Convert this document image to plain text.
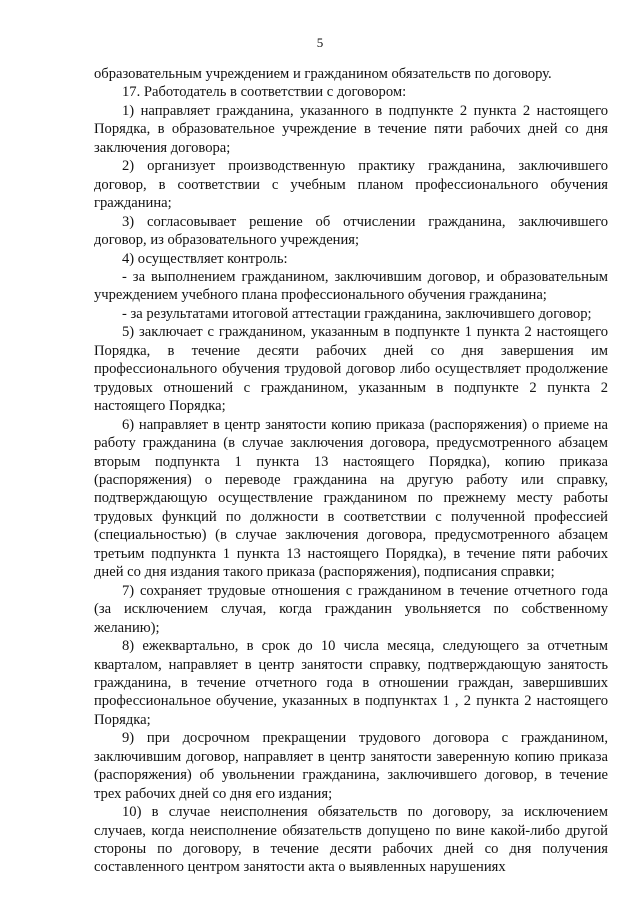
5

образовательным учреждением и гражданином обязательств по договору.

17. Работодатель в соответствии с договором:

1) направляет гражданина, указанного в подпункте 2 пункта 2 настоящего Порядка, в образовательное учреждение в течение пяти рабочих дней со дня заключения договора;

2) организует производственную практику гражданина, заключившего договор, в соответствии с учебным планом профессионального обучения гражданина;

3) согласовывает решение об отчислении гражданина, заключившего договор, из образовательного учреждения;

4) осуществляет контроль:

- за выполнением гражданином, заключившим договор, и образовательным учреждением учебного плана профессионального обучения гражданина;

- за результатами итоговой аттестации гражданина, заключившего договор;

5) заключает с гражданином, указанным в подпункте 1 пункта 2 настоящего Порядка, в течение десяти рабочих дней со дня завершения им профессионального обучения трудовой договор либо осуществляет продолжение трудовых отношений с гражданином, указанным в подпункте 2 пункта 2 настоящего Порядка;

6) направляет в центр занятости копию приказа (распоряжения) о приеме на работу гражданина (в случае заключения договора, предусмотренного абзацем вторым подпункта 1 пункта 13 настоящего Порядка), копию приказа (распоряжения) о переводе гражданина на другую работу или справку, подтверждающую осуществление гражданином по прежнему месту работы трудовых функций по должности в соответствии с полученной профессией (специальностью) (в случае заключения договора, предусмотренного абзацем третьим подпункта 1 пункта 13 настоящего Порядка), в течение пяти рабочих дней со дня издания такого приказа (распоряжения), подписания справки;

7) сохраняет трудовые отношения с гражданином в течение отчетного года (за исключением случая, когда гражданин увольняется по собственному желанию);

8) ежеквартально, в срок до 10 числа месяца, следующего за отчетным кварталом, направляет в центр занятости справку, подтверждающую занятость гражданина, в течение отчетного года в отношении граждан, завершивших профессиональное обучение, указанных в подпунктах 1 , 2 пункта 2 настоящего Порядка;

9) при досрочном прекращении трудового договора с гражданином, заключившим договор, направляет в центр занятости заверенную копию приказа (распоряжения) об увольнении гражданина, заключившего договор, в течение трех рабочих дней со дня его издания;

10) в случае неисполнения обязательств по договору, за исключением случаев, когда неисполнение обязательств допущено по вине какой-либо другой стороны по договору, в течение десяти рабочих дней со дня получения составленного центром занятости акта о выявленных нарушениях
